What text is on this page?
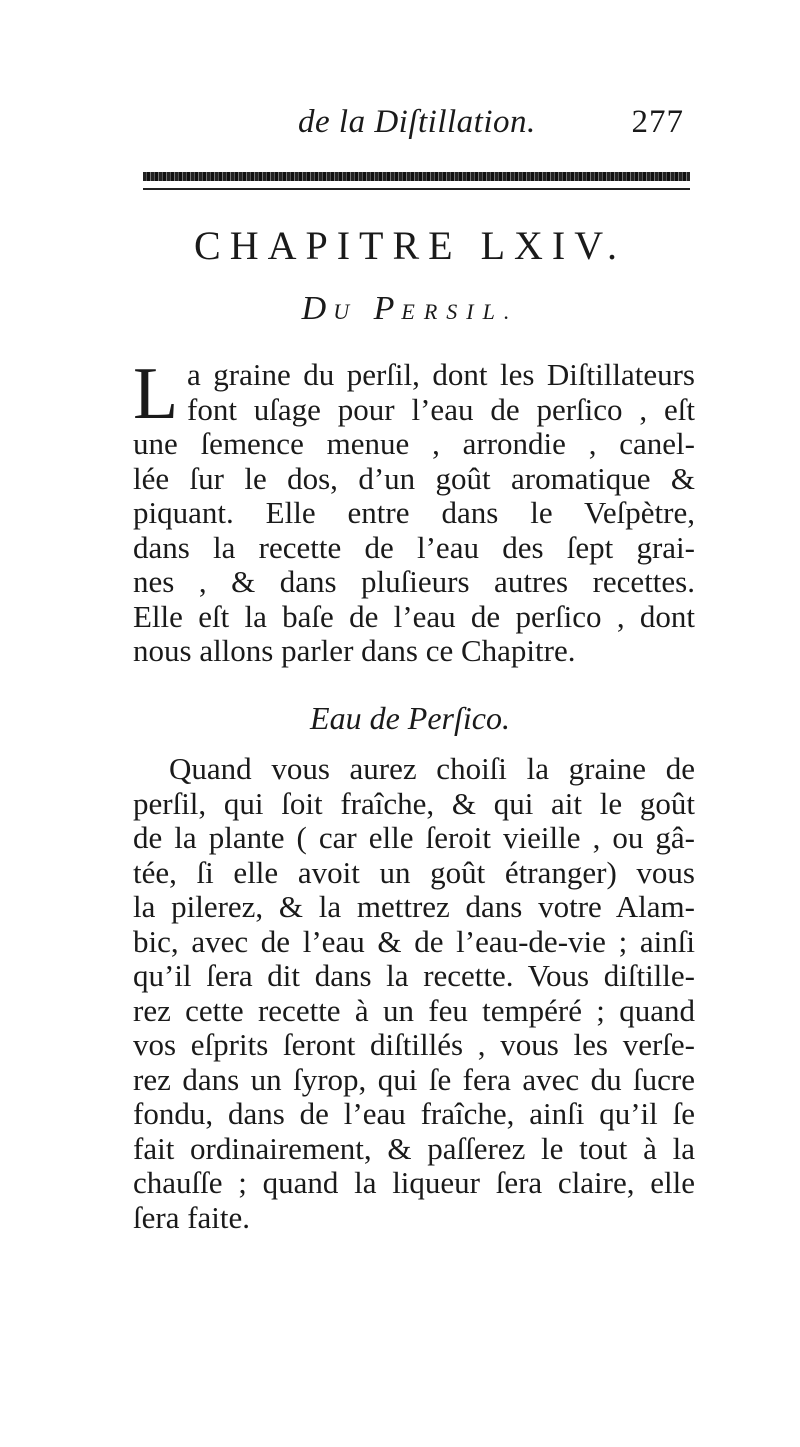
de la Diſtillation.	277
CHAPITRE LXIV.
DU PERSIL.
L a graine du perſil, dont les Diſtillateurs
font uſage pour l’eau de perſico , eſt
une ſemence menue , arrondie , canel-
lée ſur le dos, d’un goût aromatique &
piquant. Elle entre dans le Veſpètre,
dans la recette de l’eau des ſept grai-
nes , & dans pluſieurs autres recettes.
Elle eſt la baſe de l’eau de perſico , dont
nous allons parler dans ce Chapitre.
Eau de Perſico.
Quand vous aurez choiſi la graine de
perſil, qui ſoit fraîche, & qui ait le goût
de la plante ( car elle ſeroit vieille , ou gâ-
tée, ſi elle avoit un goût étranger) vous
la pilerez, & la mettrez dans votre Alam-
bic, avec de l’eau & de l’eau-de-vie ; ainſi
qu’il ſera dit dans la recette. Vous diſtille-
rez cette recette à un feu tempéré ; quand
vos eſprits ſeront diſtillés , vous les verſe-
rez dans un ſyrop, qui ſe fera avec du ſucre
fondu, dans de l’eau fraîche, ainſi qu’il ſe
fait ordinairement, & paſſerez le tout à la
chauſſe ; quand la liqueur ſera claire, elle
ſera faite.
